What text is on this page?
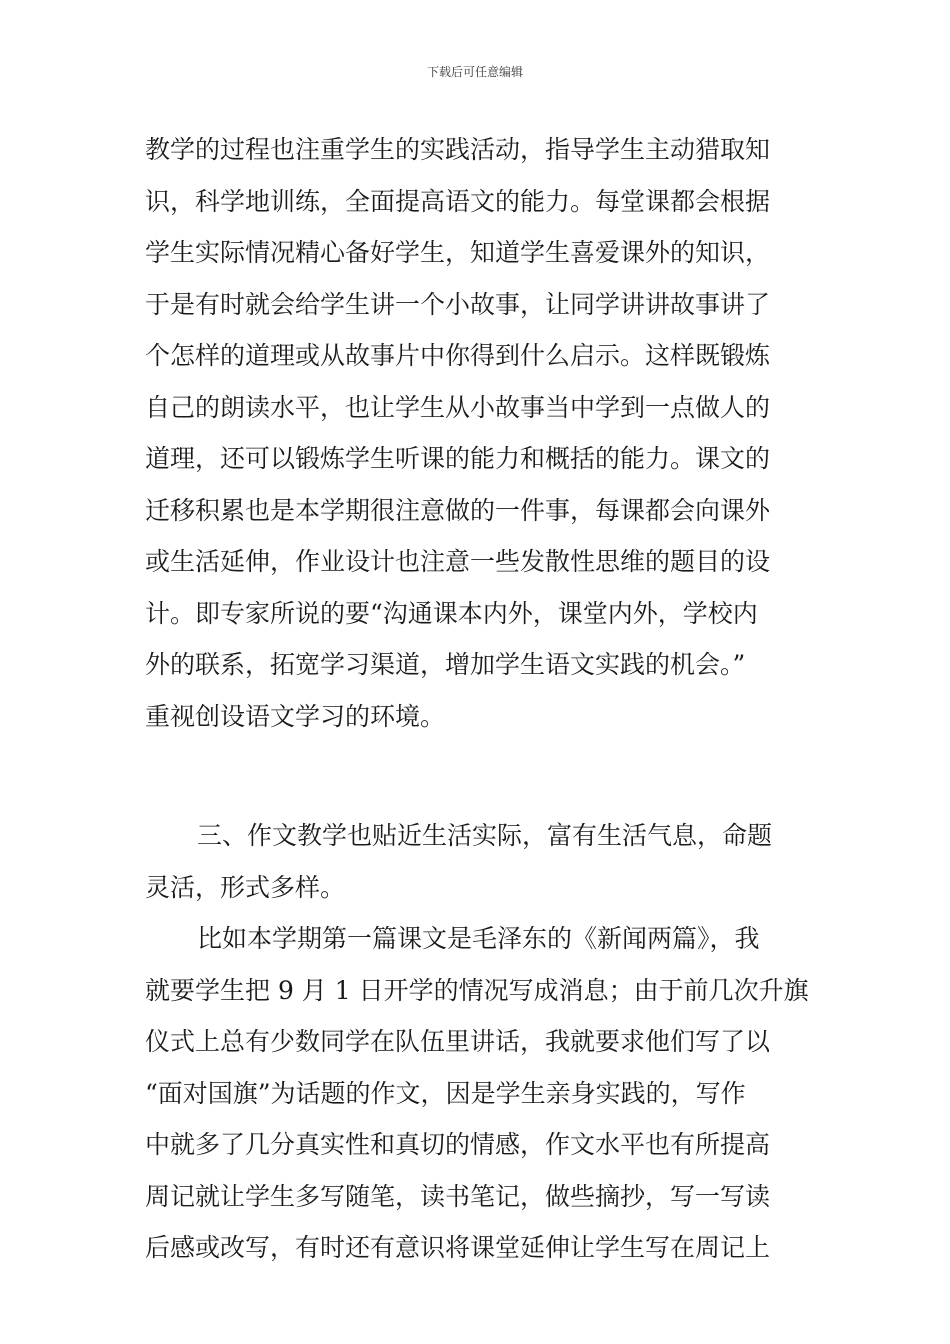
下载后可任意编辑
教学的过程也注重学生的实践活动，指导学生主动猎取知
识，科学地训练，全面提高语文的能力。每堂课都会根据
学生实际情况精心备好学生，知道学生喜爱课外的知识，
于是有时就会给学生讲一个小故事，让同学讲讲故事讲了
个怎样的道理或从故事片中你得到什么启示。这样既锻炼
自己的朗读水平，也让学生从小故事当中学到一点做人的
道理，还可以锻炼学生听课的能力和概括的能力。课文的
迁移积累也是本学期很注意做的一件事，每课都会向课外
或生活延伸，作业设计也注意一些发散性思维的题目的设
计。即专家所说的要“沟通课本内外，课堂内外，学校内
外的联系，拓宽学习渠道，增加学生语文实践的机会。”
重视创设语文学习的环境。
三、作文教学也贴近生活实际，富有生活气息，命题
灵活，形式多样。
比如本学期第一篇课文是毛泽东的《新闻两篇》，我
就要学生把 9 月 1 日开学的情况写成消息；由于前几次升旗
仪式上总有少数同学在队伍里讲话，我就要求他们写了以
“面对国旗”为话题的作文，因是学生亲身实践的，写作
中就多了几分真实性和真切的情感，作文水平也有所提高
周记就让学生多写随笔，读书笔记，做些摘抄，写一写读
后感或改写，有时还有意识将课堂延伸让学生写在周记上
